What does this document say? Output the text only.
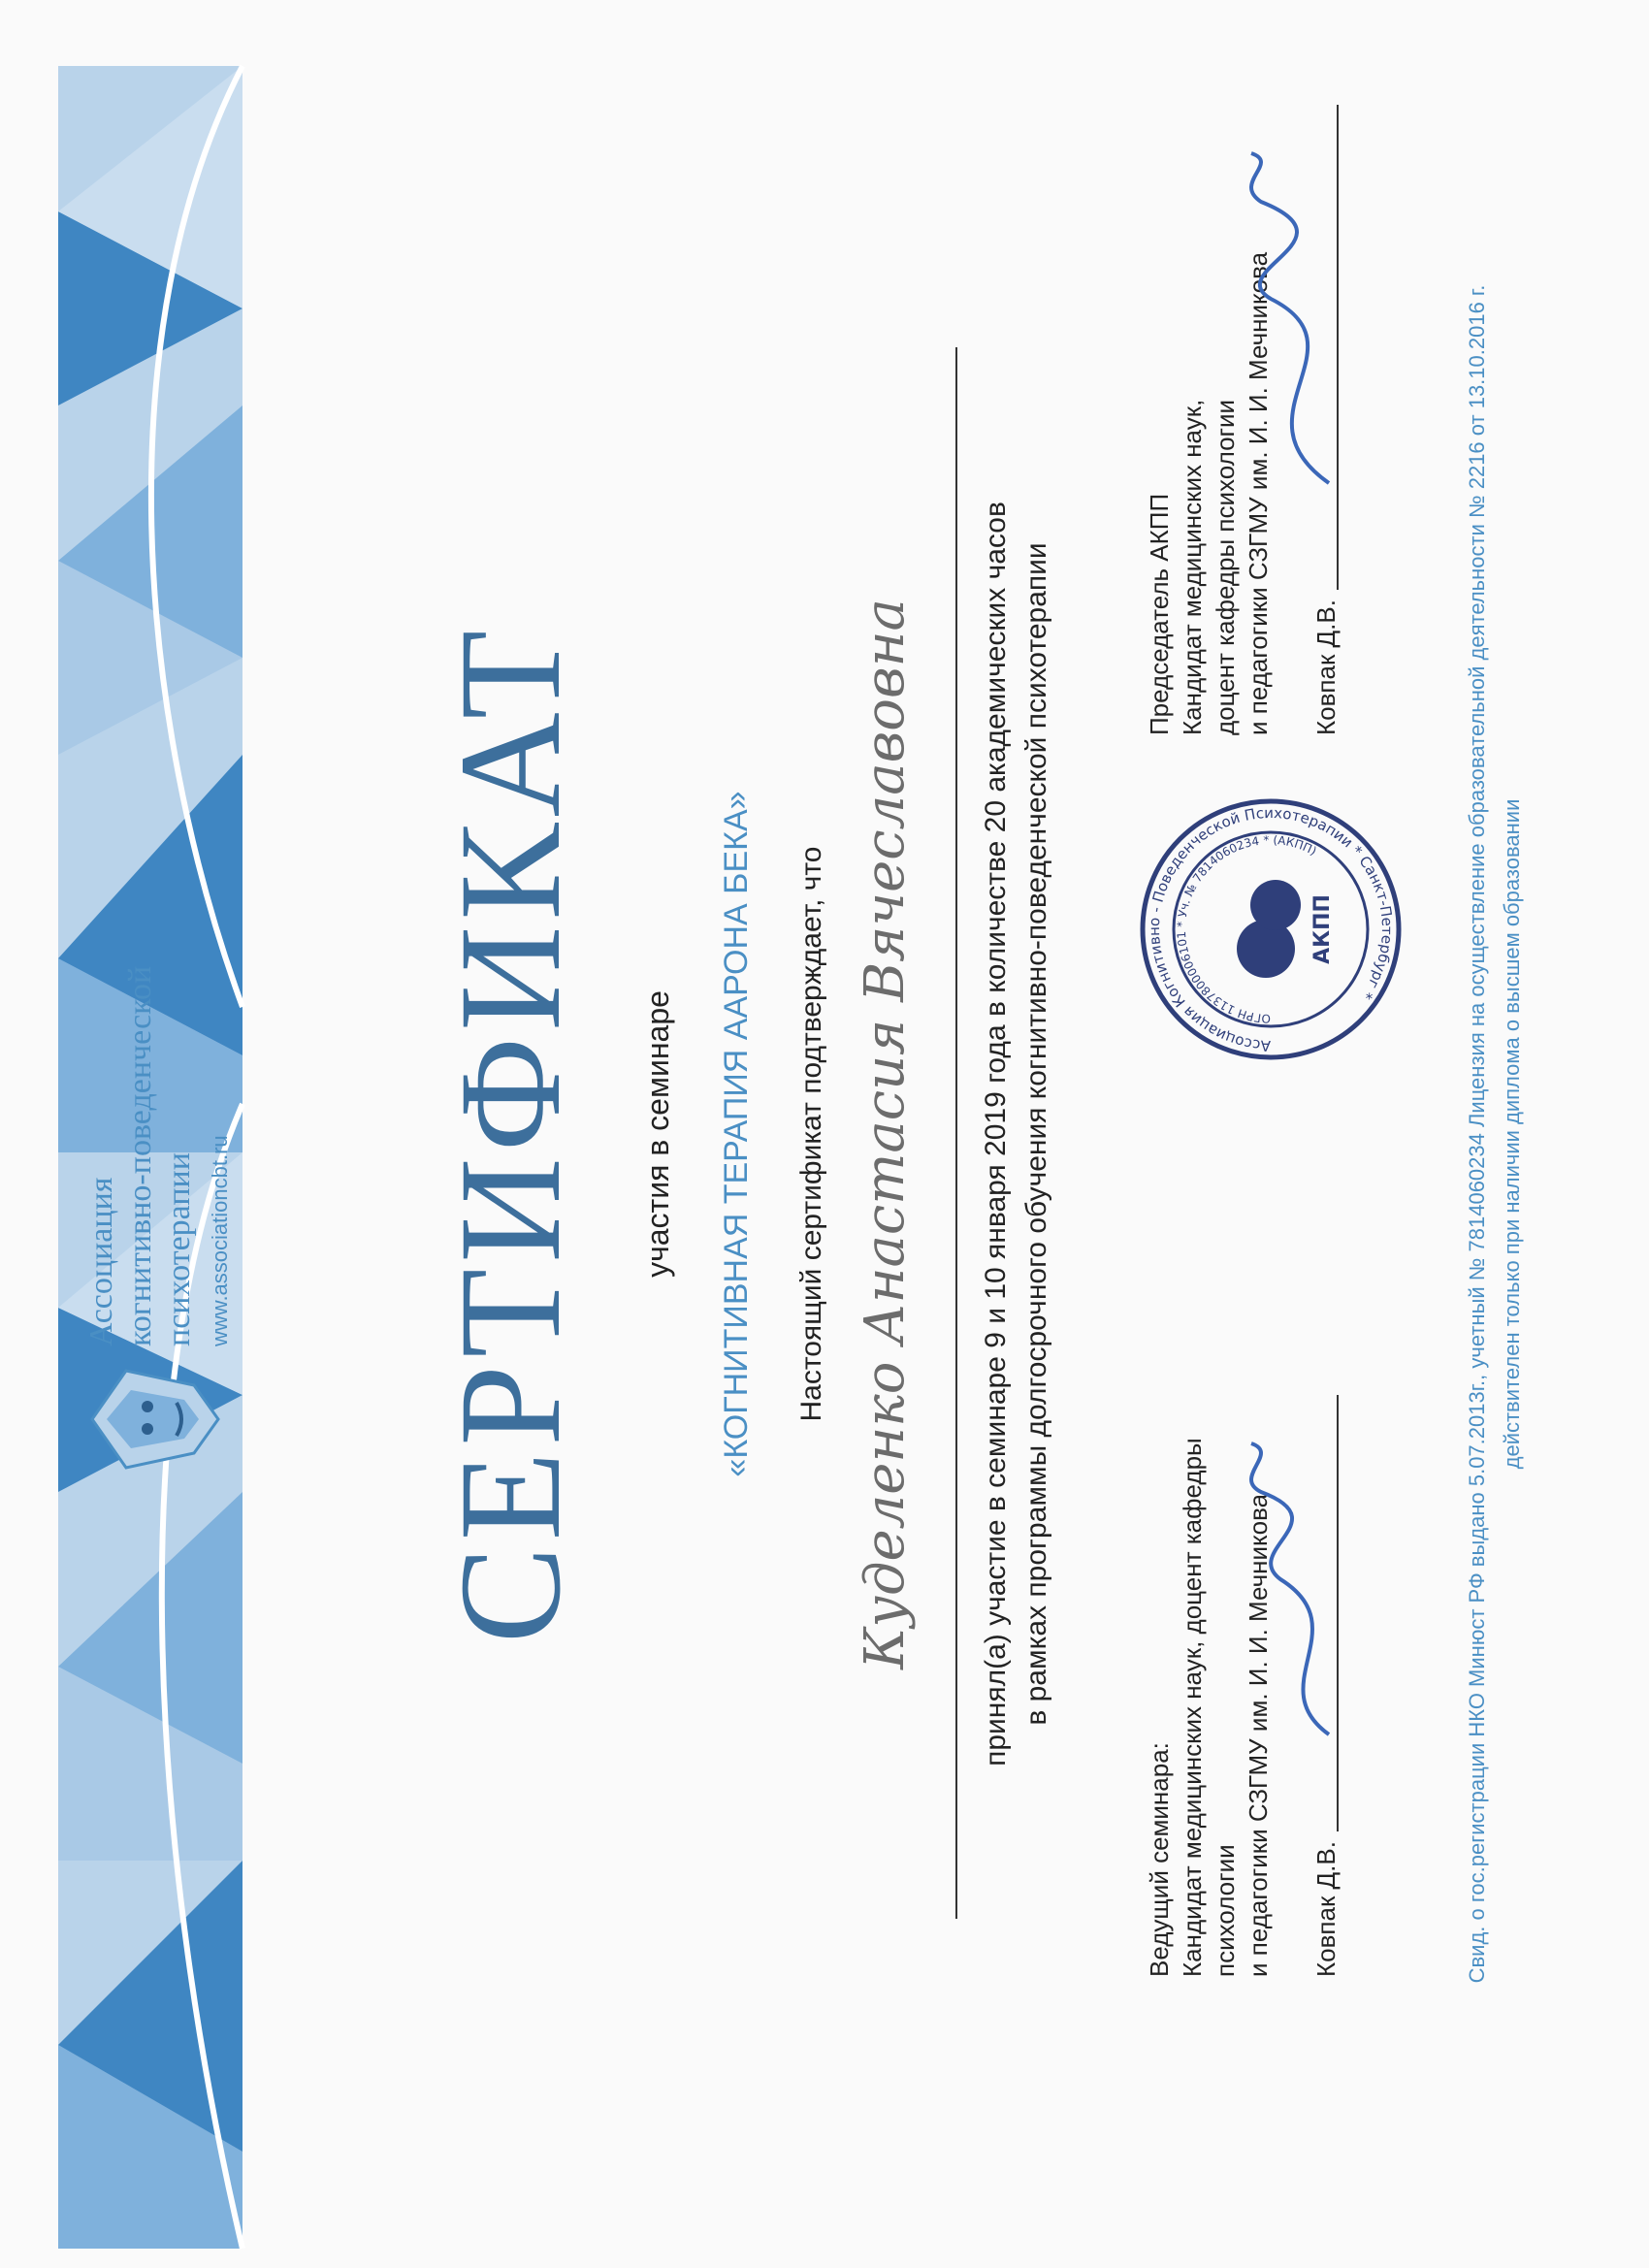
Ассоциация когнитивно-поведенческой психотерапии www.associationcbt.ru СЕРТИФИКАТ участия в семинаре «КОГНИТИВНАЯ ТЕРАПИЯ ААРОНА БЕКА» Настоящий сертификат подтверждает, что Куделенко Анастасия Вячеславовна принял(а) участие в семинаре 9 и 10 января 2019 года в количестве 20 академических часов в рамках программы долгосрочного обучения когнитивно-поведенческой психотерапии
Ведущий семинара: Кандидат медицинских наук, доцент кафедры психологии и педагогики СЗГМУ им. И. И. Мечникова Ковпак Д.В.
Ассоциация Когнитивно - Поведенческой Психотерапии * Санкт-Петербург *
ОГРН 1137800006101 * Уч. № 7814060234 * (АКПП)
АКПП
Председатель АКПП Кандидат медицинских наук, доцент кафедры психологии и педагогики СЗГМУ им. И. И. Мечникова Ковпак Д.В.	Свид. о гос.регистрации НКО Минюст РФ выдано 5.07.2013г., учетный № 7814060234 Лицензия на осуществление образовательной деятельности № 2216 от 13.10.2016 г. действителен только при наличии диплома о высшем образовании
